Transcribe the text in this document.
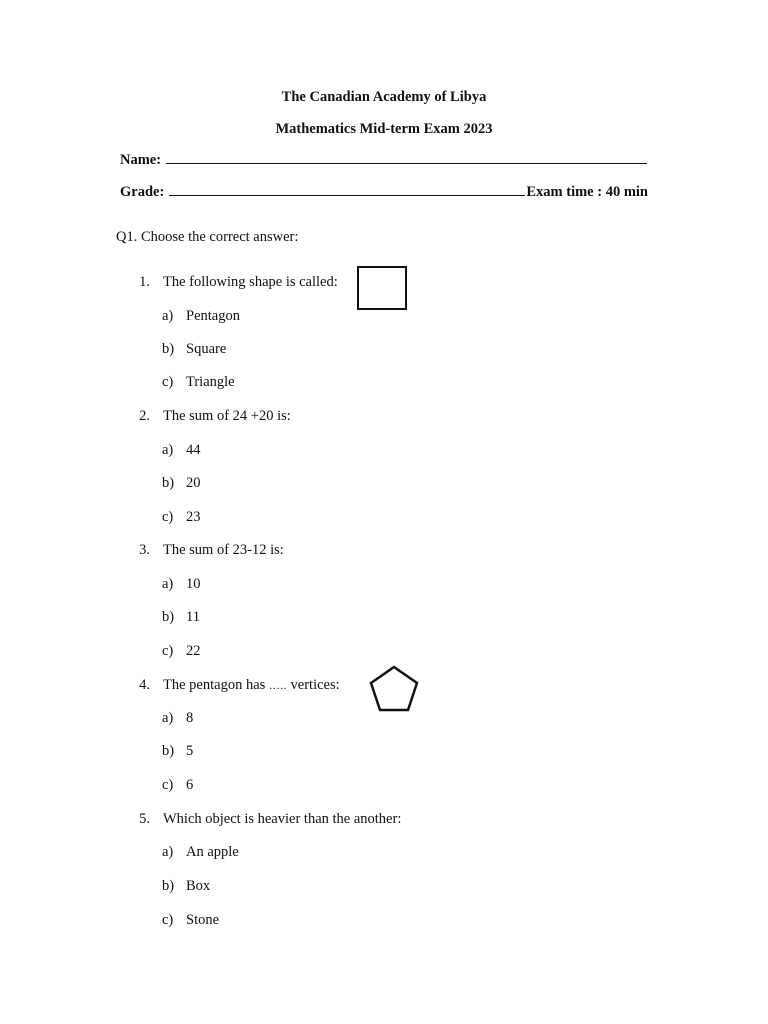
The Canadian Academy of Libya
Mathematics Mid-term Exam 2023
Name:
Grade:	Exam time : 40 min
Q1. Choose the correct answer:
1. The following shape is called:
a) Pentagon
b) Square
c) Triangle
2. The sum of 24 +20 is:
a) 44
b) 20
c) 23
3. The sum of 23-12 is:
a) 10
b) 11
c) 22
4. The pentagon has ….. vertices:
a) 8
b) 5
c) 6
5. Which object is heavier than the another:
a) An apple
b) Box
c) Stone
